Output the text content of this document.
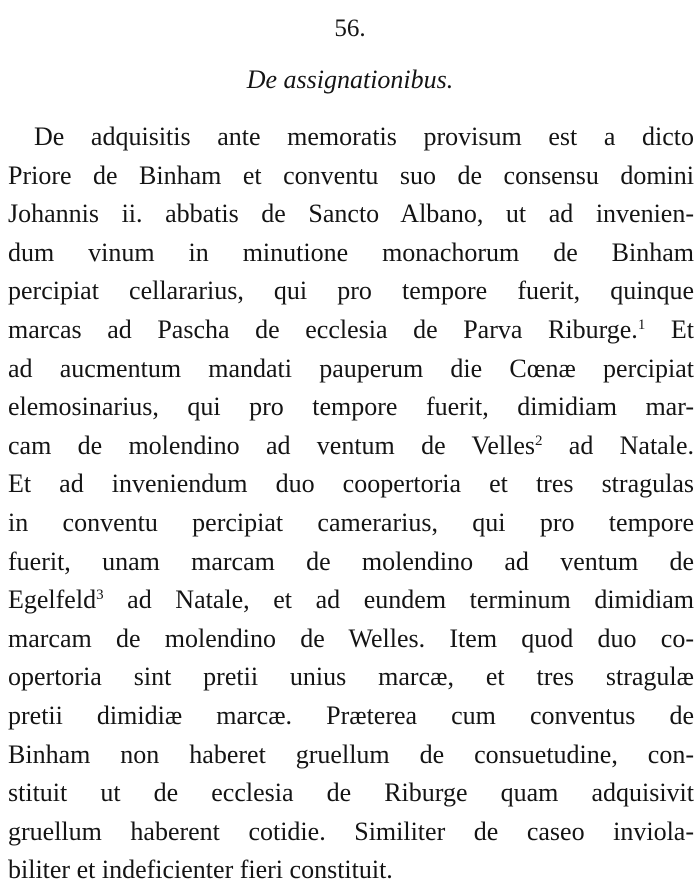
56.
De assignationibus.
De adquisitis ante memoratis provisum est a dicto
Priore de Binham et conventu suo de consensu domini
Johannis ii. abbatis de Sancto Albano, ut ad invenien-
dum vinum in minutione monachorum de Binham
percipiat cellararius, qui pro tempore fuerit, quinque
marcas ad Pascha de ecclesia de Parva Riburge.$^1$ Et
ad aucmentum mandati pauperum die Cœnæ percipiat
elemosinarius, qui pro tempore fuerit, dimidiam mar-
cam de molendino ad ventum de Velles$^2$ ad Natale.
Et ad inveniendum duo coopertoria et tres stragulas
in conventu percipiat camerarius, qui pro tempore
fuerit, unam marcam de molendino ad ventum de
Egelfeld$^3$ ad Natale, et ad eundem terminum dimidiam
marcam de molendino de Welles. Item quod duo co-
opertoria sint pretii unius marcæ, et tres stragulæ
pretii dimidiæ marcæ. Præterea cum conventus de
Binham non haberet gruellum de consuetudine, con-
stituit ut de ecclesia de Riburge quam adquisivit
gruellum haberent cotidie. Similiter de caseo inviola-
biliter et indeficienter fieri constituit.
